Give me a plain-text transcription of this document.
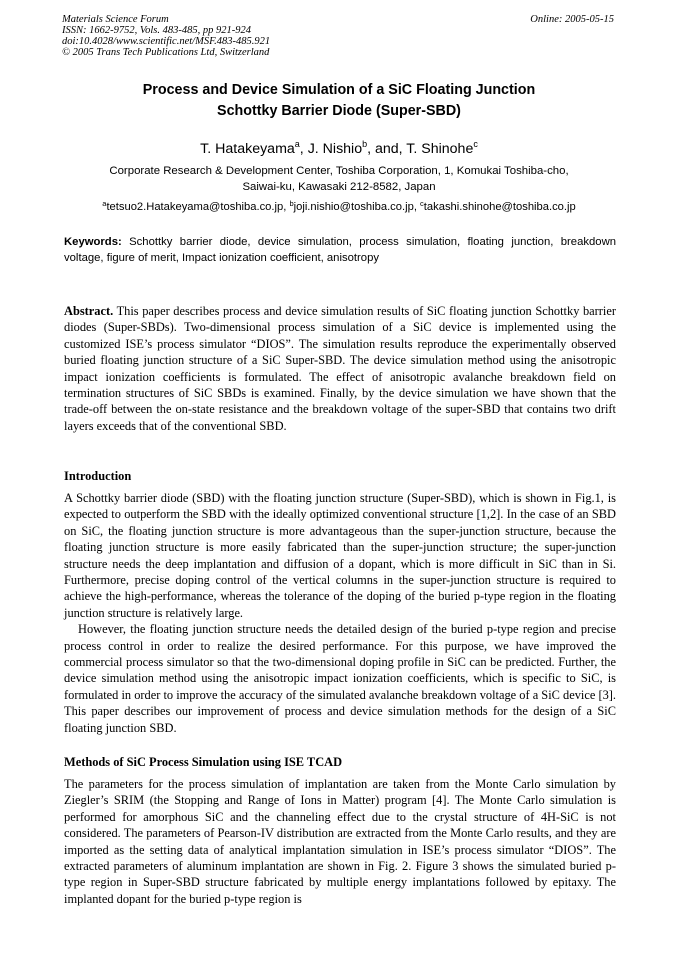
Materials Science Forum
ISSN: 1662-9752, Vols. 483-485, pp 921-924
doi:10.4028/www.scientific.net/MSF.483-485.921
© 2005 Trans Tech Publications Ltd, Switzerland
Online: 2005-05-15
Process and Device Simulation of a SiC Floating Junction
Schottky Barrier Diode (Super-SBD)
T. Hatakeyama$^a$, J. Nishio$^b$, and, T. Shinohe$^c$
Corporate Research & Development Center, Toshiba Corporation, 1, Komukai Toshiba-cho,
Saiwai-ku, Kawasaki 212-8582, Japan
$^a$tetsuo2.Hatakeyama@toshiba.co.jp, $^b$joji.nishio@toshiba.co.jp, $^c$takashi.shinohe@toshiba.co.jp
Keywords: Schottky barrier diode, device simulation, process simulation, floating junction, breakdown voltage, figure of merit, Impact ionization coefficient, anisotropy

Abstract. This paper describes process and device simulation results of SiC floating junction Schottky barrier diodes (Super-SBDs). Two-dimensional process simulation of a SiC device is implemented using the customized ISE’s process simulator “DIOS”. The simulation results reproduce the experimentally observed buried floating junction structure of a SiC Super-SBD. The device simulation method using the anisotropic impact ionization coefficients is formulated. The effect of anisotropic avalanche breakdown field on termination structures of SiC SBDs is examined. Finally, by the device simulation we have shown that the trade-off between the on-state resistance and the breakdown voltage of the super-SBD that contains two drift layers exceeds that of the conventional SBD.

Introduction

A Schottky barrier diode (SBD) with the floating junction structure (Super-SBD), which is shown in Fig.1, is expected to outperform the SBD with the ideally optimized conventional structure [1,2]. In the case of an SBD on SiC, the floating junction structure is more advantageous than the super-junction structure, because the floating junction structure is more easily fabricated than the super-junction structure; the super-junction structure needs the deep implantation and diffusion of a dopant, which is more difficult in SiC than in Si. Furthermore, precise doping control of the vertical columns in the super-junction structure is required to achieve the high-performance, whereas the tolerance of the doping of the buried p-type region in the floating junction structure is relatively large.

However, the floating junction structure needs the detailed design of the buried p-type region and precise process control in order to realize the desired performance. For this purpose, we have improved the commercial process simulator so that the two-dimensional doping profile in SiC can be predicted. Further, the device simulation method using the anisotropic impact ionization coefficients, which is specific to SiC, is formulated in order to improve the accuracy of the simulated avalanche breakdown voltage of a SiC device [3]. This paper describes our improvement of process and device simulation methods for the design of a SiC floating junction SBD.

Methods of SiC Process Simulation using ISE TCAD

The parameters for the process simulation of implantation are taken from the Monte Carlo simulation by Ziegler’s SRIM (the Stopping and Range of Ions in Matter) program [4]. The Monte Carlo simulation is performed for amorphous SiC and the channeling effect due to the crystal structure of 4H-SiC is not considered. The parameters of Pearson-IV distribution are extracted from the Monte Carlo results, and they are imported as the setting data of analytical implantation simulation in ISE’s process simulator “DIOS”. The extracted parameters of aluminum implantation are shown in Fig. 2. Figure 3 shows the simulated buried p-type region in Super-SBD structure fabricated by multiple energy implantations followed by epitaxy. The implanted dopant for the buried p-type region is
